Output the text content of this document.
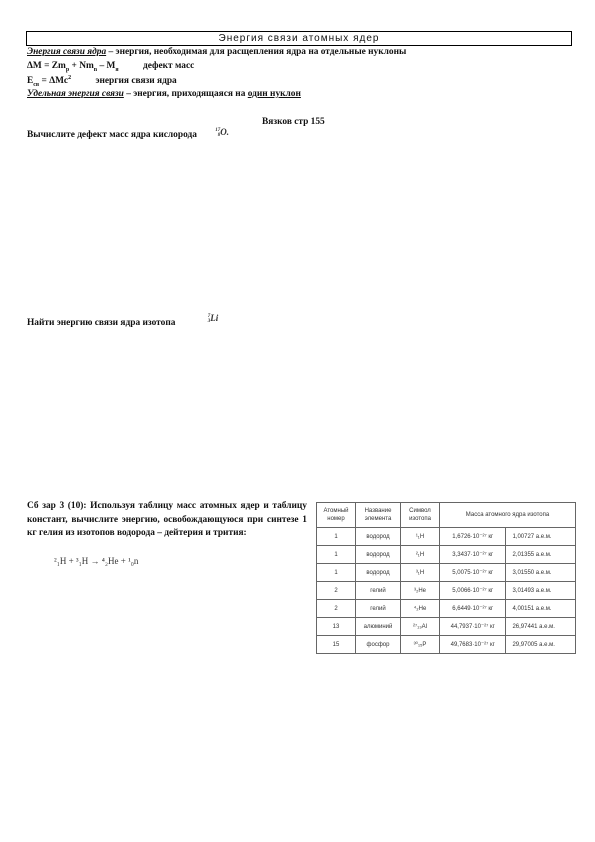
Энергия связи атомных ядер
Энергия связи ядра – энергия, необходимая для расщепления ядра на отдельные нуклоны
$\Delta M = Zm_p + Nm_n - M_я$	дефект масс
$E_{св} = \Delta Mc^2$	энергия связи ядра
Удельная энергия связи – энергия, приходящаяся на один нуклон
Вязков стр 155
Вычислите дефект масс ядра кислорода	17
8O.
Найти энергию связи ядра изотопа 7
3Li
Сб зар 3 (10): Используя таблицу масс атомных ядер и таблицу констант, вычислите энергию, освобождающуюся при синтезе 1 кг гелия из изотопов водорода – дейтерия и трития:
²₁H + ³₁H → ⁴₂He + ¹₀n
Атомный номер	Название элемента	Символ изотопа	Масса атомного ядра изотопа	
1	водород	¹₁H	1,6726·10⁻²⁷ кг	1,00727 а.е.м.
1	водород	²₁H	3,3437·10⁻²⁷ кг	2,01355 а.е.м.
1	водород	³₁H	5,0075·10⁻²⁷ кг	3,01550 а.е.м.
2	гелий	³₂He	5,0066·10⁻²⁷ кг	3,01493 а.е.м.
2	гелий	⁴₂He	6,6449·10⁻²⁷ кг	4,00151 а.е.м.
13	алюминий	²⁷₁₃Al	44,7937·10⁻²⁷ кг	26,97441 а.е.м.
15	фосфор	³⁰₁₅P	49,7683·10⁻²⁷ кг	29,97005 а.е.м.
